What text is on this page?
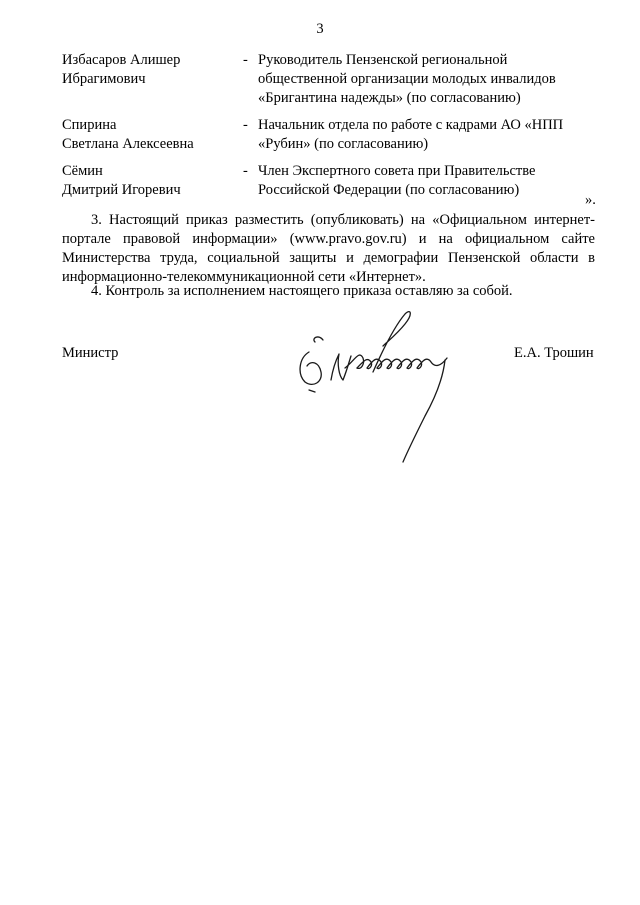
3
Избасаров Алишер
Ибрагимович
- Руководитель Пензенской региональной
общественной организации молодых инвалидов
«Бригантина надежды» (по согласованию)
Спирина
Светлана Алексеевна
- Начальник отдела по работе с кадрами АО «НПП
«Рубин» (по согласованию)
Сёмин
Дмитрий Игоревич
- Член Экспертного совета при Правительстве
Российской Федерации (по согласованию)
».
3. Настоящий приказ разместить (опубликовать) на «Официальном интернет-портале правовой информации» (www.pravo.gov.ru) и на официальном сайте Министерства труда, социальной защиты и демографии Пензенской области в информационно-телекоммуникационной сети «Интернет».
4. Контроль за исполнением настоящего приказа оставляю за собой.
Министр	Е.А. Трошин
